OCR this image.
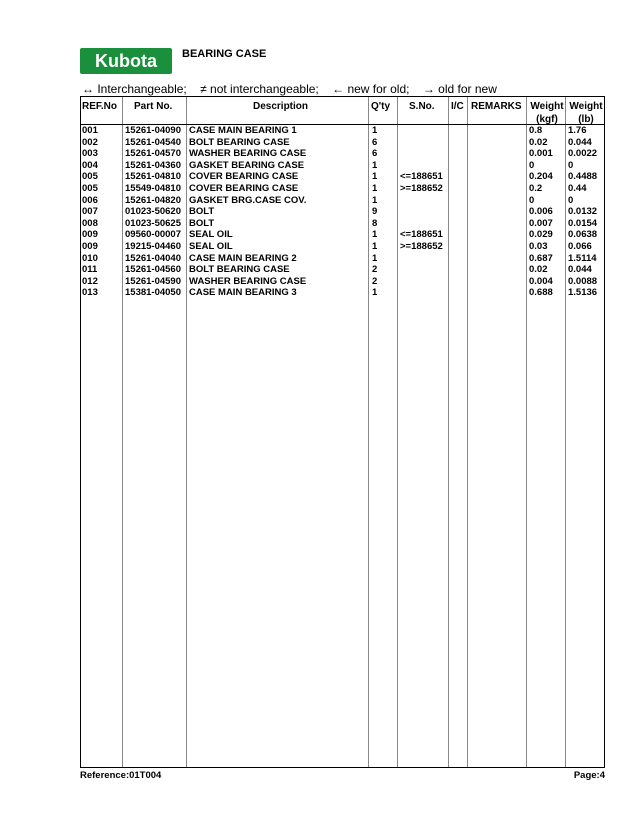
Kubota BEARING CASE
↔ Interchangeable; ≠ not interchangeable; ← new for old; → old for new
REF.No Part No.	Description	Q'ty S.No. I/C REMARKS Weight
(kgf)
Weight
(lb)
001	15261-04090 CASE MAIN BEARING 1	1	0.8	1.76
002	15261-04540 BOLT BEARING CASE	6	0.02 0.044
003	15261-04570 WASHER BEARING CASE	6	0.001 0.0022
004	15261-04360 GASKET BEARING CASE	1	0	0
005	15261-04810 COVER BEARING CASE	1 <=188651	0.204 0.4488
005	15549-04810 COVER BEARING CASE	1 >=188652	0.2	0.44
006	15261-04820 GASKET BRG.CASE COV.	1	0	0
007	01023-50620 BOLT	9	0.006 0.0132
008	01023-50625 BOLT	8	0.007 0.0154
009	09560-00007 SEAL OIL	1 <=188651	0.029 0.0638
009	19215-04460 SEAL OIL	1 >=188652	0.03 0.066
010	15261-04040 CASE MAIN BEARING 2	1	0.687 1.5114
011	15261-04560 BOLT BEARING CASE	2	0.02 0.044
012	15261-04590 WASHER BEARING CASE	2	0.004 0.0088
013	15381-04050 CASE MAIN BEARING 3	1	0.688 1.5136
Reference:01T004	Page:4
